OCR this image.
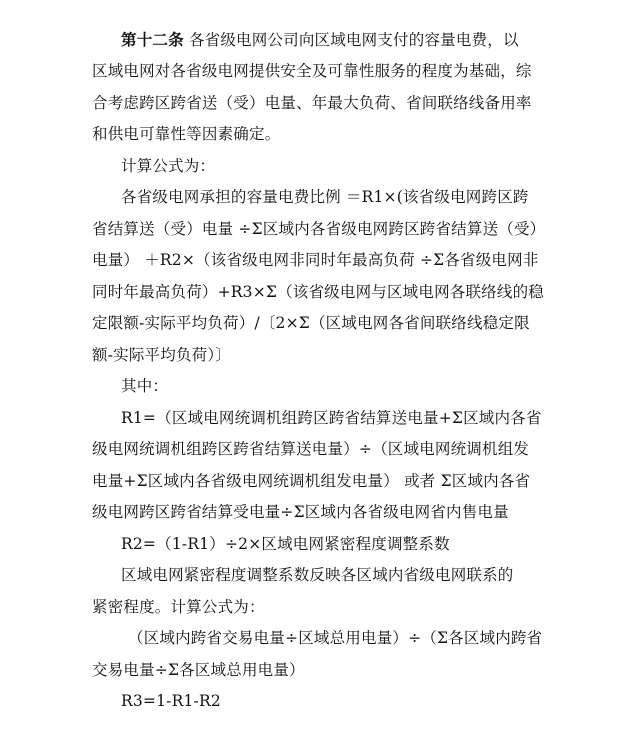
第十二条 各省级电网公司向区域电网支付的容量电费，以
区域电网对各省级电网提供安全及可靠性服务的程度为基础，综
合考虑跨区跨省送（受）电量、年最大负荷、省间联络线备用率
和供电可靠性等因素确定。
计算公式为：
各省级电网承担的容量电费比例 ＝R1×(该省级电网跨区跨
省结算送（受）电量 ÷Σ区域内各省级电网跨区跨省结算送（受）
电量） ＋R2×（该省级电网非同时年最高负荷 ÷Σ各省级电网非
同时年最高负荷）+R3×Σ（该省级电网与区域电网各联络线的稳
定限额-实际平均负荷）/〔2×Σ（区域电网各省间联络线稳定限
额-实际平均负荷）〕
其中：
R1=（区域电网统调机组跨区跨省结算送电量+Σ区域内各省
级电网统调机组跨区跨省结算送电量）÷（区域电网统调机组发
电量+Σ区域内各省级电网统调机组发电量） 或者 Σ区域内各省
级电网跨区跨省结算受电量÷Σ区域内各省级电网省内售电量
R2=（1-R1）÷2×区域电网紧密程度调整系数
区域电网紧密程度调整系数反映各区域内省级电网联系的
紧密程度。计算公式为：
（区域内跨省交易电量÷区域总用电量）÷（Σ各区域内跨省
交易电量÷Σ各区域总用电量）
R3=1-R1-R2
